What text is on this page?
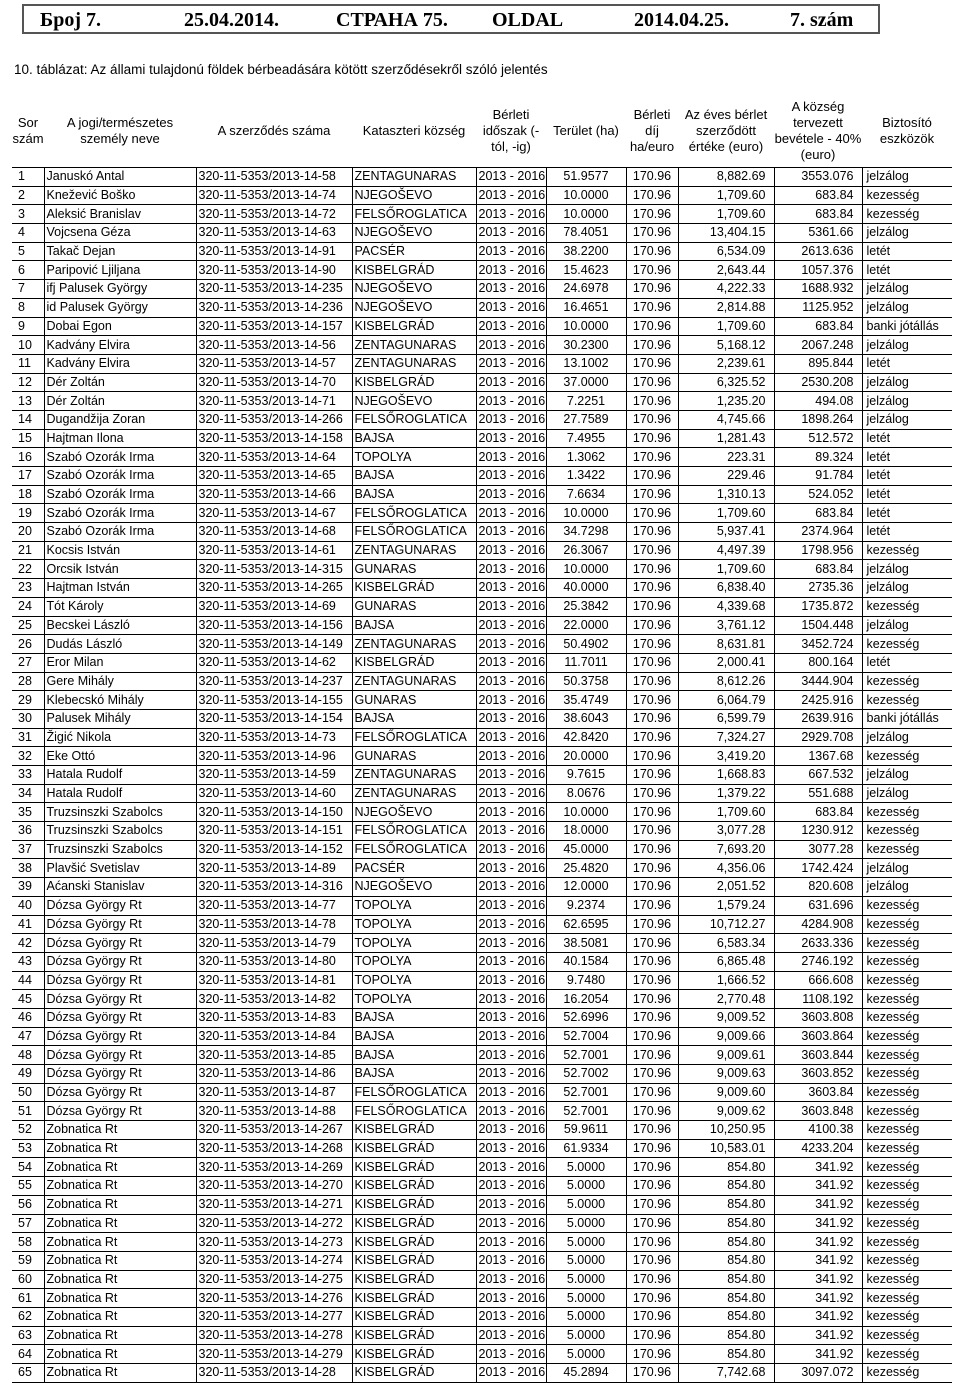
Број 7.	25.04.2014.	СТРАНА 75. OLDAL	2014.04.25.	7. szám
10. táblázat: Az állami tulajdonú földek bérbeadására kötött szerződésekről szóló jelentés
Sor szám	A jogi/természetes személy neve	A szerződés száma	Kataszteri község	Bérleti időszak (-tól, -ig)	Terület (ha)	Bérleti díj ha/euro	Az éves bérlet szerződött értéke (euro)	A község tervezett bevétele - 40% (euro)	Biztosító eszközök
1	Januskó Antal	320-11-5353/2013-14-58	ZENTAGUNARAS	2013 - 2016	51.9577	170.96	8,882.69	3553.076	jelzálog
2	Knežević Boško	320-11-5353/2013-14-74	NJEGOŠEVO	2013 - 2016	10.0000	170.96	1,709.60	683.84	kezesség
3	Aleksić Branislav	320-11-5353/2013-14-72	FELSŐROGLATICA	2013 - 2016	10.0000	170.96	1,709.60	683.84	kezesség
4	Vojcsena Géza	320-11-5353/2013-14-63	NJEGOŠEVO	2013 - 2016	78.4051	170.96	13,404.15	5361.66	jelzálog
5	Takač Dejan	320-11-5353/2013-14-91	PACSÉR	2013 - 2016	38.2200	170.96	6,534.09	2613.636	letét
6	Paripović Ljiljana	320-11-5353/2013-14-90	KISBELGRÁD	2013 - 2016	15.4623	170.96	2,643.44	1057.376	letét
7	ifj Palusek György	320-11-5353/2013-14-235	NJEGOŠEVO	2013 - 2016	24.6978	170.96	4,222.33	1688.932	jelzálog
8	id Palusek György	320-11-5353/2013-14-236	NJEGOŠEVO	2013 - 2016	16.4651	170.96	2,814.88	1125.952	jelzálog
9	Dobai Egon	320-11-5353/2013-14-157	KISBELGRÁD	2013 - 2016	10.0000	170.96	1,709.60	683.84	banki jótállás
10	Kadvány Elvira	320-11-5353/2013-14-56	ZENTAGUNARAS	2013 - 2016	30.2300	170.96	5,168.12	2067.248	jelzálog
11	Kadvány Elvira	320-11-5353/2013-14-57	ZENTAGUNARAS	2013 - 2016	13.1002	170.96	2,239.61	895.844	letét
12	Dér Zoltán	320-11-5353/2013-14-70	KISBELGRÁD	2013 - 2016	37.0000	170.96	6,325.52	2530.208	jelzálog
13	Dér Zoltán	320-11-5353/2013-14-71	NJEGOŠEVO	2013 - 2016	7.2251	170.96	1,235.20	494.08	jelzálog
14	Dugandžija Zoran	320-11-5353/2013-14-266	FELSŐROGLATICA	2013 - 2016	27.7589	170.96	4,745.66	1898.264	jelzálog
15	Hajtman Ilona	320-11-5353/2013-14-158	BAJSA	2013 - 2016	7.4955	170.96	1,281.43	512.572	letét
16	Szabó Ozorák Irma	320-11-5353/2013-14-64	TOPOLYA	2013 - 2016	1.3062	170.96	223.31	89.324	letét
17	Szabó Ozorák Irma	320-11-5353/2013-14-65	BAJSA	2013 - 2016	1.3422	170.96	229.46	91.784	letét
18	Szabó Ozorák Irma	320-11-5353/2013-14-66	BAJSA	2013 - 2016	7.6634	170.96	1,310.13	524.052	letét
19	Szabó Ozorák Irma	320-11-5353/2013-14-67	FELSŐROGLATICA	2013 - 2016	10.0000	170.96	1,709.60	683.84	letét
20	Szabó Ozorák Irma	320-11-5353/2013-14-68	FELSŐROGLATICA	2013 - 2016	34.7298	170.96	5,937.41	2374.964	letét
21	Kocsis István	320-11-5353/2013-14-61	ZENTAGUNARAS	2013 - 2016	26.3067	170.96	4,497.39	1798.956	kezesség
22	Orcsik István	320-11-5353/2013-14-315	GUNARAS	2013 - 2016	10.0000	170.96	1,709.60	683.84	jelzálog
23	Hajtman István	320-11-5353/2013-14-265	KISBELGRÁD	2013 - 2016	40.0000	170.96	6,838.40	2735.36	jelzálog
24	Tót Károly	320-11-5353/2013-14-69	GUNARAS	2013 - 2016	25.3842	170.96	4,339.68	1735.872	kezesség
25	Becskei László	320-11-5353/2013-14-156	BAJSA	2013 - 2016	22.0000	170.96	3,761.12	1504.448	jelzálog
26	Dudás László	320-11-5353/2013-14-149	ZENTAGUNARAS	2013 - 2016	50.4902	170.96	8,631.81	3452.724	kezesség
27	Eror Milan	320-11-5353/2013-14-62	KISBELGRÁD	2013 - 2016	11.7011	170.96	2,000.41	800.164	letét
28	Gere Mihály	320-11-5353/2013-14-237	ZENTAGUNARAS	2013 - 2016	50.3758	170.96	8,612.26	3444.904	kezesség
29	Klebecskó Mihály	320-11-5353/2013-14-155	GUNARAS	2013 - 2016	35.4749	170.96	6,064.79	2425.916	kezesség
30	Palusek Mihály	320-11-5353/2013-14-154	BAJSA	2013 - 2016	38.6043	170.96	6,599.79	2639.916	banki jótállás
31	Žigić Nikola	320-11-5353/2013-14-73	FELSŐROGLATICA	2013 - 2016	42.8420	170.96	7,324.27	2929.708	jelzálog
32	Eke Ottó	320-11-5353/2013-14-96	GUNARAS	2013 - 2016	20.0000	170.96	3,419.20	1367.68	kezesség
33	Hatala Rudolf	320-11-5353/2013-14-59	ZENTAGUNARAS	2013 - 2016	9.7615	170.96	1,668.83	667.532	jelzálog
34	Hatala Rudolf	320-11-5353/2013-14-60	ZENTAGUNARAS	2013 - 2016	8.0676	170.96	1,379.22	551.688	jelzálog
35	Truzsinszki Szabolcs	320-11-5353/2013-14-150	NJEGOŠEVO	2013 - 2016	10.0000	170.96	1,709.60	683.84	kezesség
36	Truzsinszki Szabolcs	320-11-5353/2013-14-151	FELSŐROGLATICA	2013 - 2016	18.0000	170.96	3,077.28	1230.912	kezesség
37	Truzsinszki Szabolcs	320-11-5353/2013-14-152	FELSŐROGLATICA	2013 - 2016	45.0000	170.96	7,693.20	3077.28	kezesség
38	Plavšić Svetislav	320-11-5353/2013-14-89	PACSÉR	2013 - 2016	25.4820	170.96	4,356.06	1742.424	jelzálog
39	Aćanski Stanislav	320-11-5353/2013-14-316	NJEGOŠEVO	2013 - 2016	12.0000	170.96	2,051.52	820.608	jelzálog
40	Dózsa György Rt	320-11-5353/2013-14-77	TOPOLYA	2013 - 2016	9.2374	170.96	1,579.24	631.696	kezesség
41	Dózsa György Rt	320-11-5353/2013-14-78	TOPOLYA	2013 - 2016	62.6595	170.96	10,712.27	4284.908	kezesség
42	Dózsa György Rt	320-11-5353/2013-14-79	TOPOLYA	2013 - 2016	38.5081	170.96	6,583.34	2633.336	kezesség
43	Dózsa György Rt	320-11-5353/2013-14-80	TOPOLYA	2013 - 2016	40.1584	170.96	6,865.48	2746.192	kezesség
44	Dózsa György Rt	320-11-5353/2013-14-81	TOPOLYA	2013 - 2016	9.7480	170.96	1,666.52	666.608	kezesség
45	Dózsa György Rt	320-11-5353/2013-14-82	TOPOLYA	2013 - 2016	16.2054	170.96	2,770.48	1108.192	kezesség
46	Dózsa György Rt	320-11-5353/2013-14-83	BAJSA	2013 - 2016	52.6996	170.96	9,009.52	3603.808	kezesség
47	Dózsa György Rt	320-11-5353/2013-14-84	BAJSA	2013 - 2016	52.7004	170.96	9,009.66	3603.864	kezesség
48	Dózsa György Rt	320-11-5353/2013-14-85	BAJSA	2013 - 2016	52.7001	170.96	9,009.61	3603.844	kezesség
49	Dózsa György Rt	320-11-5353/2013-14-86	BAJSA	2013 - 2016	52.7002	170.96	9,009.63	3603.852	kezesség
50	Dózsa György Rt	320-11-5353/2013-14-87	FELSŐROGLATICA	2013 - 2016	52.7001	170.96	9,009.60	3603.84	kezesség
51	Dózsa György Rt	320-11-5353/2013-14-88	FELSŐROGLATICA	2013 - 2016	52.7001	170.96	9,009.62	3603.848	kezesség
52	Zobnatica Rt	320-11-5353/2013-14-267	KISBELGRÁD	2013 - 2016	59.9611	170.96	10,250.95	4100.38	kezesség
53	Zobnatica Rt	320-11-5353/2013-14-268	KISBELGRÁD	2013 - 2016	61.9334	170.96	10,583.01	4233.204	kezesség
54	Zobnatica Rt	320-11-5353/2013-14-269	KISBELGRÁD	2013 - 2016	5.0000	170.96	854.80	341.92	kezesség
55	Zobnatica Rt	320-11-5353/2013-14-270	KISBELGRÁD	2013 - 2016	5.0000	170.96	854.80	341.92	kezesség
56	Zobnatica Rt	320-11-5353/2013-14-271	KISBELGRÁD	2013 - 2016	5.0000	170.96	854.80	341.92	kezesség
57	Zobnatica Rt	320-11-5353/2013-14-272	KISBELGRÁD	2013 - 2016	5.0000	170.96	854.80	341.92	kezesség
58	Zobnatica Rt	320-11-5353/2013-14-273	KISBELGRÁD	2013 - 2016	5.0000	170.96	854.80	341.92	kezesség
59	Zobnatica Rt	320-11-5353/2013-14-274	KISBELGRÁD	2013 - 2016	5.0000	170.96	854.80	341.92	kezesség
60	Zobnatica Rt	320-11-5353/2013-14-275	KISBELGRÁD	2013 - 2016	5.0000	170.96	854.80	341.92	kezesség
61	Zobnatica Rt	320-11-5353/2013-14-276	KISBELGRÁD	2013 - 2016	5.0000	170.96	854.80	341.92	kezesség
62	Zobnatica Rt	320-11-5353/2013-14-277	KISBELGRÁD	2013 - 2016	5.0000	170.96	854.80	341.92	kezesség
63	Zobnatica Rt	320-11-5353/2013-14-278	KISBELGRÁD	2013 - 2016	5.0000	170.96	854.80	341.92	kezesség
64	Zobnatica Rt	320-11-5353/2013-14-279	KISBELGRÁD	2013 - 2016	5.0000	170.96	854.80	341.92	kezesség
65	Zobnatica Rt	320-11-5353/2013-14-28	KISBELGRÁD	2013 - 2016	45.2894	170.96	7,742.68	3097.072	kezesség
